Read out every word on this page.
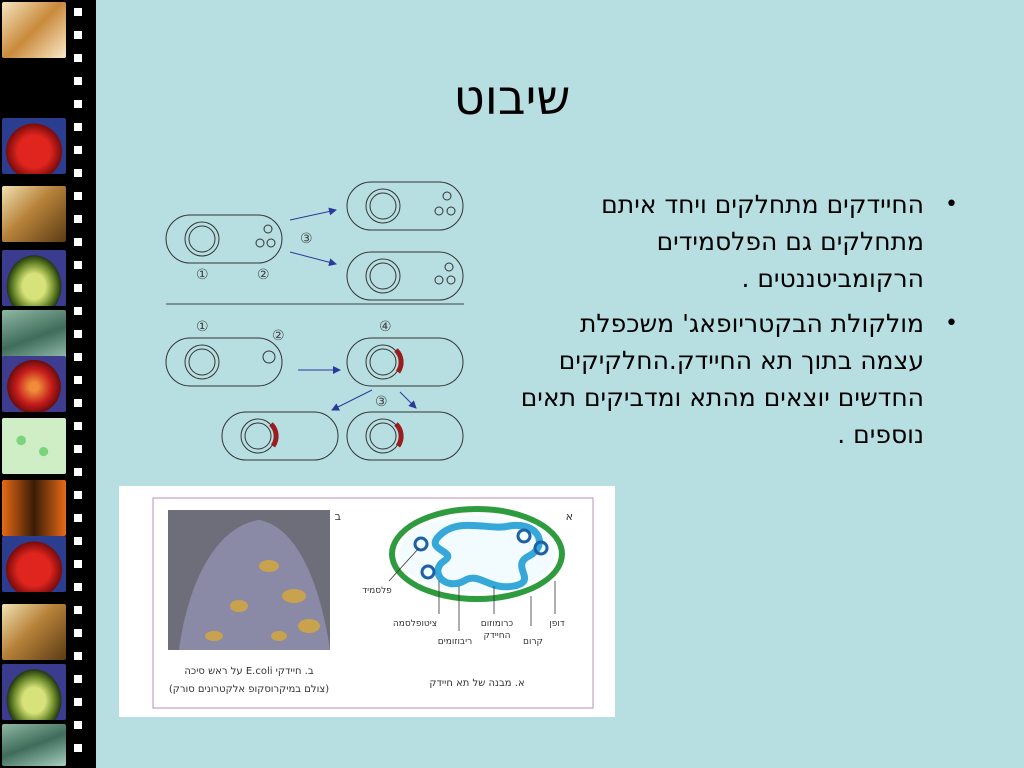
שיבוט
•
החיידקים מתחלקים ויחד איתם מתחלקים גם הפלסמידים הרקומביטננטים .
•
מולקולת הבקטריופאג' משכפלת עצמה בתוך תא החיידק.החלקיקים החדשים יוצאים מהתא ומדביקים תאים נוספים .
③
①	②
①
②
④
③
ב	א
פלסמיד
ציטופלסמה
ריבוזומים
כרומוזום
החיידק
קרום
דופן
ב. חיידקי E.coli על ראש סיכה
(צולם במיקרוסקופ אלקטרונים סורק)
א. מבנה של תא חיידק
